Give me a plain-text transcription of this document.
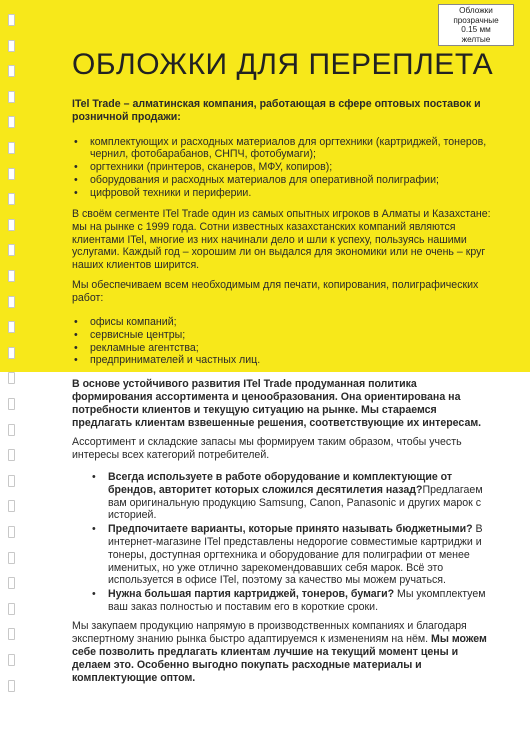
Обложки
прозрачные
0.15 мм
желтые
ОБЛОЖКИ ДЛЯ ПЕРЕПЛЕТА

ITel Trade – алматинская компания, работающая в сфере оптовых поставок и розничной продажи:

• комплектующих и расходных материалов для оргтехники (картриджей, тонеров, чернил, фотобарабанов, СНПЧ, фотобумаги);
• оргтехники (принтеров, сканеров, МФУ, копиров);
• оборудования и расходных материалов для оперативной полиграфии;
• цифровой техники и периферии.

В своём сегменте ITel Trade один из самых опытных игроков в Алматы и Казахстане: мы на рынке с 1999 года. Сотни известных казахстанских компаний являются клиентами ITel, многие из них начинали дело и шли к успеху, пользуясь нашими услугами. Каждый год – хорошим ли он выдался для экономики или не очень – круг наших клиентов ширится.

Мы обеспечиваем всем необходимым для печати, копирования, полиграфических работ:

• офисы компаний;
• сервисные центры;
• рекламные агентства;
• предпринимателей и частных лиц.

В основе устойчивого развития ITel Trade продуманная политика формирования ассортимента и ценообразования. Она ориентирована на потребности клиентов и текущую ситуацию на рынке. Мы стараемся предлагать клиентам взвешенные решения, соответствующие их интересам.

Ассортимент и складские запасы мы формируем таким образом, чтобы учесть интересы всех категорий потребителей.

• Всегда используете в работе оборудование и комплектующие от брендов, авторитет которых сложился десятилетия назад?Предлагаем вам оригинальную продукцию Samsung, Canon, Panasonic и других марок с историей.
• Предпочитаете варианты, которые принято называть бюджетными? В интернет-магазине ITel представлены недорогие совместимые картриджи и тонеры, доступная оргтехника и оборудование для полиграфии от менее именитых, но уже отлично зарекомендовавших себя марок. Всё это используется в офисе ITel, поэтому за качество мы можем ручаться.
• Нужна большая партия картриджей, тонеров, бумаги? Мы укомплектуем ваш заказ полностью и поставим его в короткие сроки.

Мы закупаем продукцию напрямую в производственных компаниях и благодаря экспертному знанию рынка быстро адаптируемся к изменениям на нём. Мы можем себе позволить предлагать клиентам лучшие на текущий момент цены и делаем это. Особенно выгодно покупать расходные материалы и комплектующие оптом.
